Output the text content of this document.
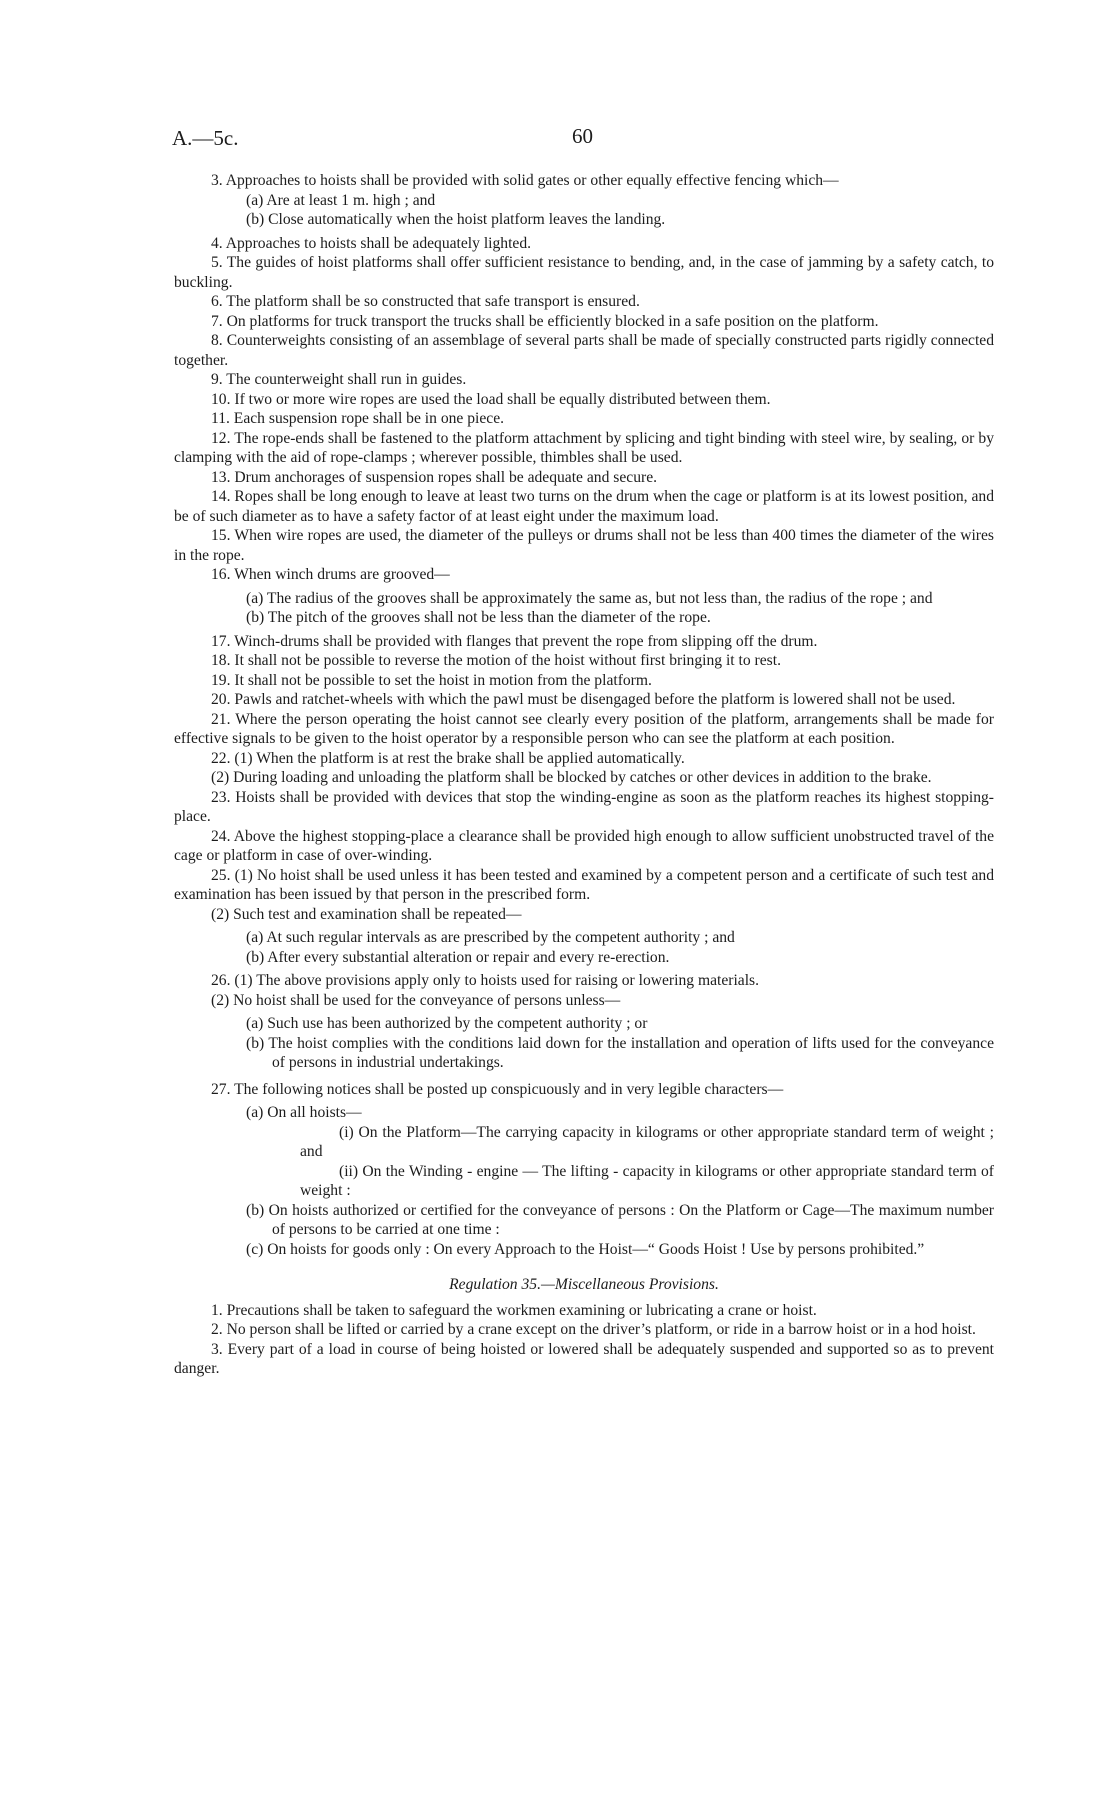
A.—5c.	60

3. Approaches to hoists shall be provided with solid gates or other equally effective fencing which—

(a) Are at least 1 m. high ; and

(b) Close automatically when the hoist platform leaves the landing.

4. Approaches to hoists shall be adequately lighted.

5. The guides of hoist platforms shall offer sufficient resistance to bending, and, in the case of jamming by a safety catch, to buckling.

6. The platform shall be so constructed that safe transport is ensured.

7. On platforms for truck transport the trucks shall be efficiently blocked in a safe position on the platform.

8. Counterweights consisting of an assemblage of several parts shall be made of specially constructed parts rigidly connected together.

9. The counterweight shall run in guides.

10. If two or more wire ropes are used the load shall be equally distributed between them.

11. Each suspension rope shall be in one piece.

12. The rope-ends shall be fastened to the platform attachment by splicing and tight binding with steel wire, by sealing, or by clamping with the aid of rope-clamps ; wherever possible, thimbles shall be used.

13. Drum anchorages of suspension ropes shall be adequate and secure.

14. Ropes shall be long enough to leave at least two turns on the drum when the cage or platform is at its lowest position, and be of such diameter as to have a safety factor of at least eight under the maximum load.

15. When wire ropes are used, the diameter of the pulleys or drums shall not be less than 400 times the diameter of the wires in the rope.

16. When winch drums are grooved—

(a) The radius of the grooves shall be approximately the same as, but not less than, the radius of the rope ; and

(b) The pitch of the grooves shall not be less than the diameter of the rope.

17. Winch-drums shall be provided with flanges that prevent the rope from slipping off the drum.

18. It shall not be possible to reverse the motion of the hoist without first bringing it to rest.

19. It shall not be possible to set the hoist in motion from the platform.

20. Pawls and ratchet-wheels with which the pawl must be disengaged before the platform is lowered shall not be used.

21. Where the person operating the hoist cannot see clearly every position of the platform, arrangements shall be made for effective signals to be given to the hoist operator by a responsible person who can see the platform at each position.

22. (1) When the platform is at rest the brake shall be applied automatically.

(2) During loading and unloading the platform shall be blocked by catches or other devices in addition to the brake.

23. Hoists shall be provided with devices that stop the winding-engine as soon as the platform reaches its highest stopping-place.

24. Above the highest stopping-place a clearance shall be provided high enough to allow sufficient unobstructed travel of the cage or platform in case of over-winding.

25. (1) No hoist shall be used unless it has been tested and examined by a competent person and a certificate of such test and examination has been issued by that person in the prescribed form.

(2) Such test and examination shall be repeated—

(a) At such regular intervals as are prescribed by the competent authority ; and

(b) After every substantial alteration or repair and every re-erection.

26. (1) The above provisions apply only to hoists used for raising or lowering materials.

(2) No hoist shall be used for the conveyance of persons unless—

(a) Such use has been authorized by the competent authority ; or

(b) The hoist complies with the conditions laid down for the installation and operation of lifts used for the conveyance of persons in industrial undertakings.

27. The following notices shall be posted up conspicuously and in very legible characters—

(a) On all hoists—

(i) On the Platform—The carrying capacity in kilograms or other appropriate standard term of weight ; and

(ii) On the Winding - engine — The lifting - capacity in kilograms or other appropriate standard term of weight :

(b) On hoists authorized or certified for the conveyance of persons : On the Platform or Cage—The maximum number of persons to be carried at one time :

(c) On hoists for goods only : On every Approach to the Hoist—“ Goods Hoist ! Use by persons prohibited.”

Regulation 35.—Miscellaneous Provisions.

1. Precautions shall be taken to safeguard the workmen examining or lubricating a crane or hoist.

2. No person shall be lifted or carried by a crane except on the driver’s platform, or ride in a barrow hoist or in a hod hoist.

3. Every part of a load in course of being hoisted or lowered shall be adequately suspended and supported so as to prevent danger.
